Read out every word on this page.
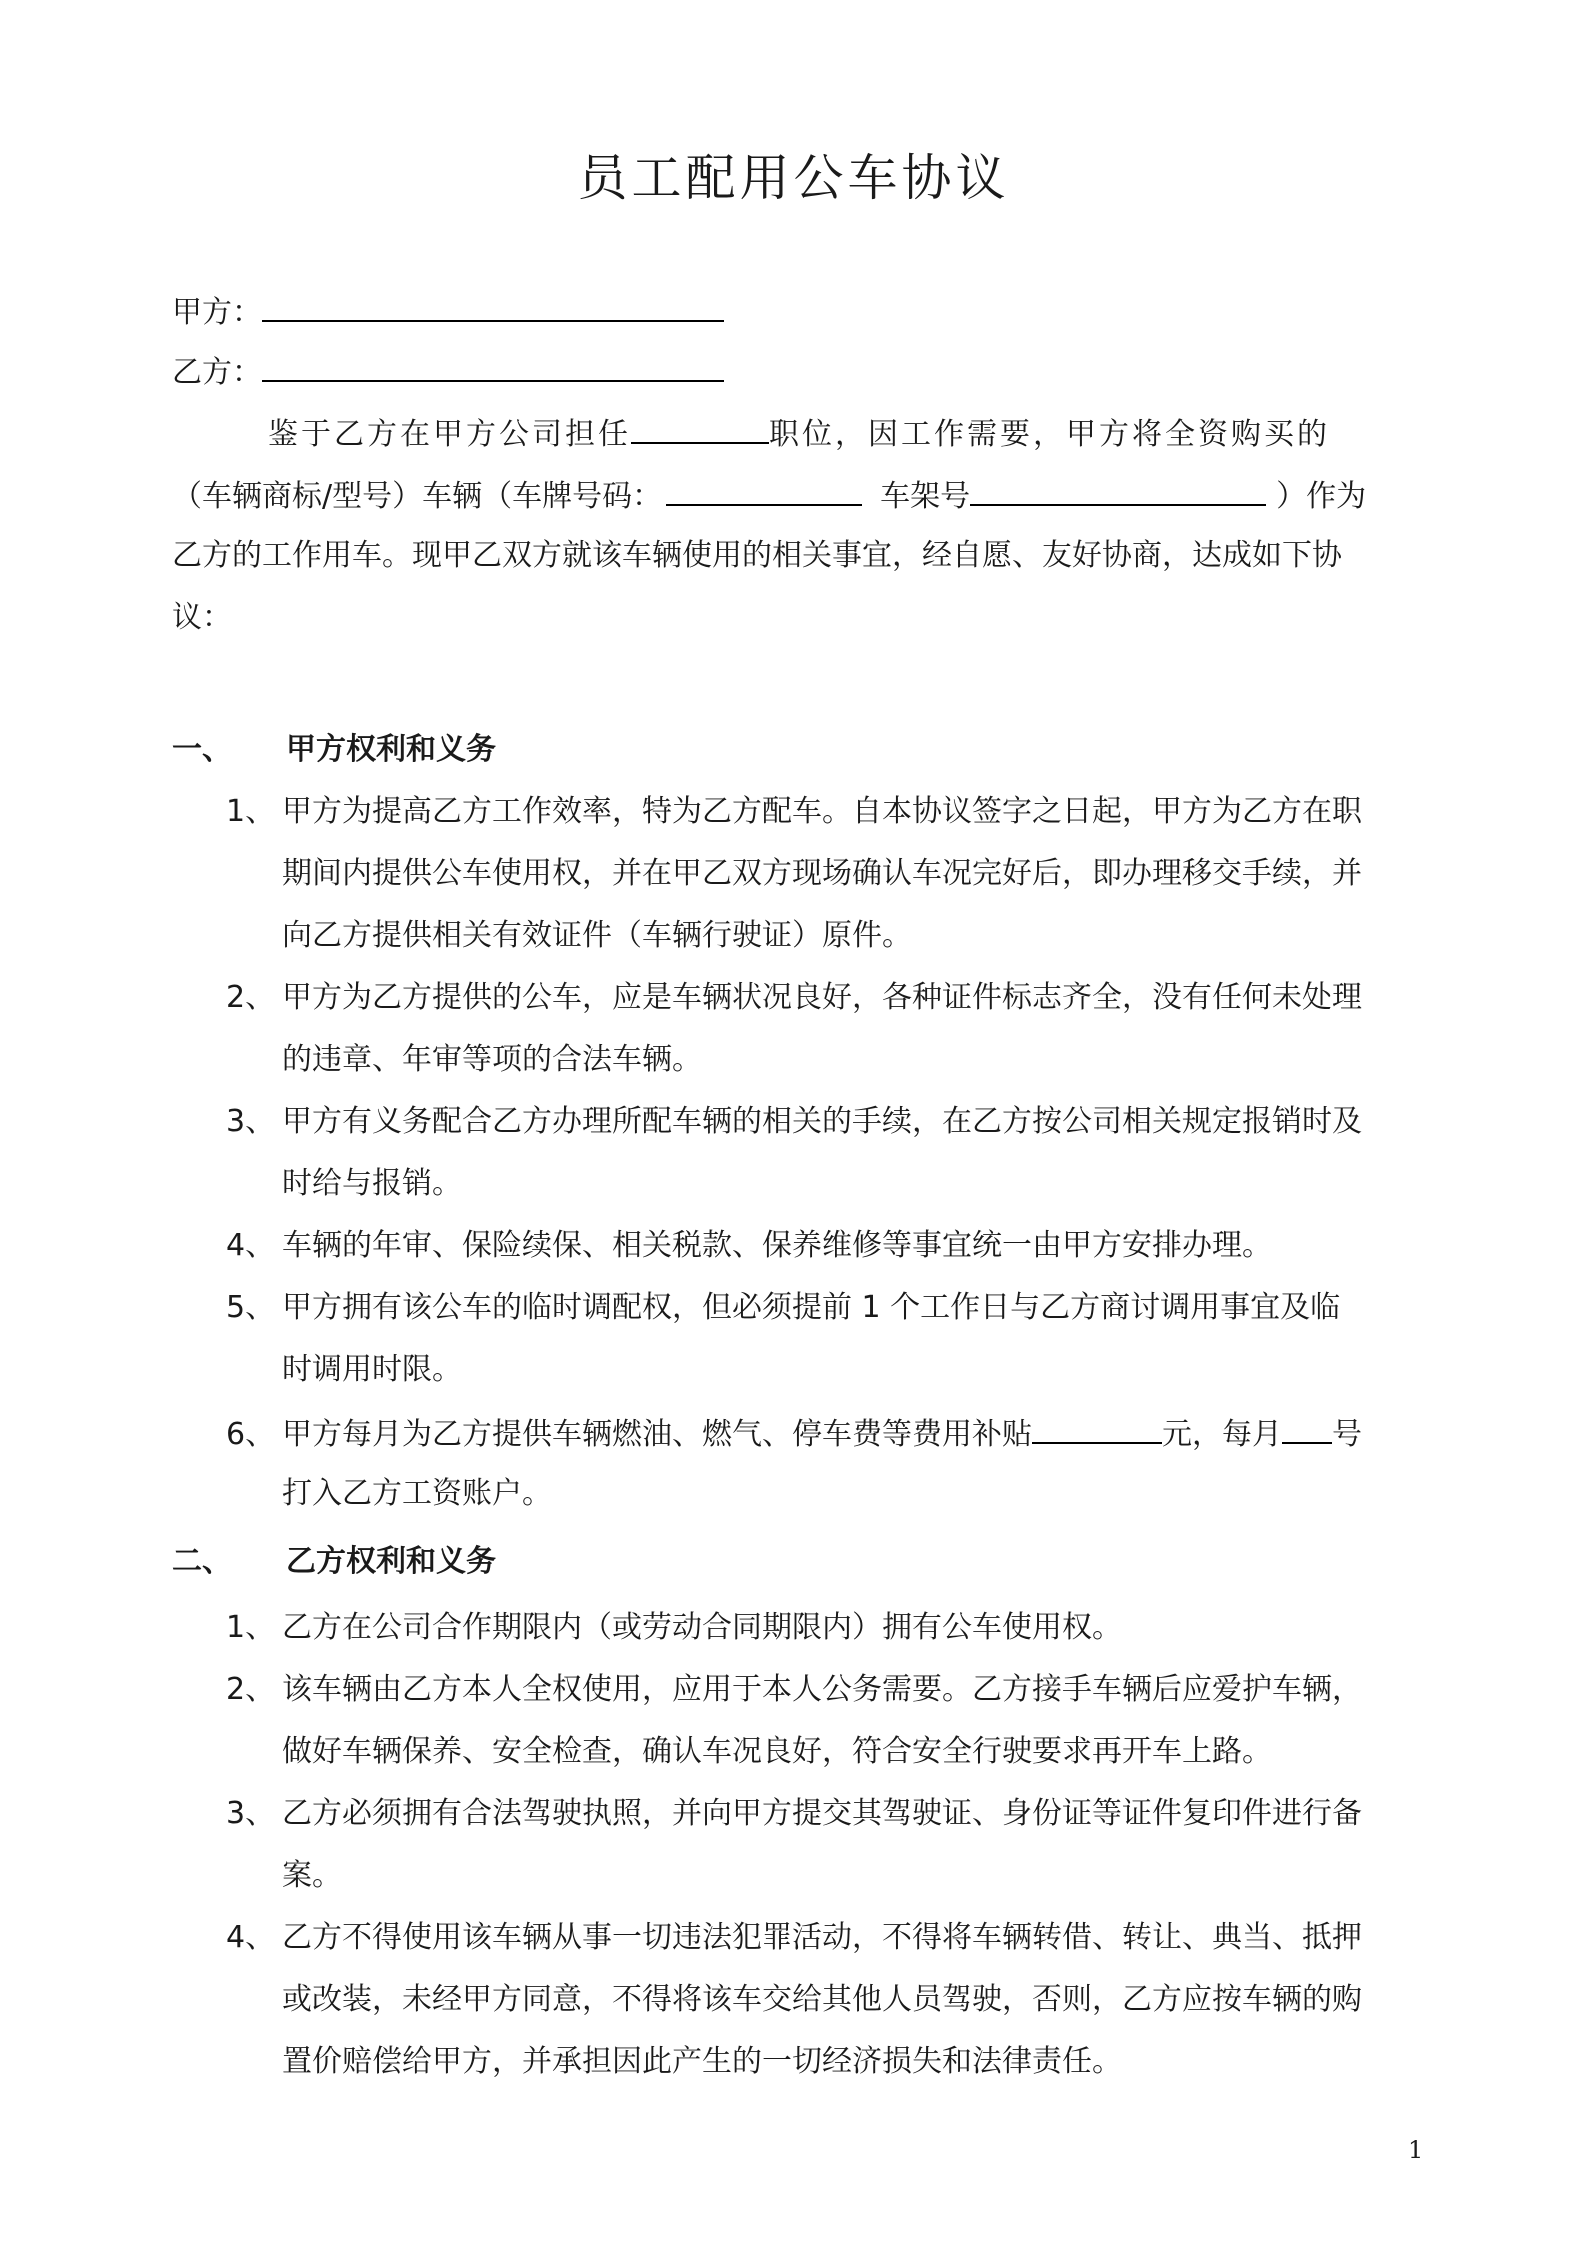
员工配用公车协议
甲方：
乙方：
鉴于乙方在甲方公司担任	职位，因工作需要，甲方将全资购买的
（车辆商标/型号）车辆（车牌号码：	车架号	）作为
乙方的工作用车。现甲乙双方就该车辆使用的相关事宜，经自愿、友好协商，达成如下协
议：
一、 甲方权利和义务
1、 甲方为提高乙方工作效率，特为乙方配车。自本协议签字之日起，甲方为乙方在职
期间内提供公车使用权，并在甲乙双方现场确认车况完好后，即办理移交手续，并
向乙方提供相关有效证件（车辆行驶证）原件。
2、 甲方为乙方提供的公车，应是车辆状况良好，各种证件标志齐全，没有任何未处理
的违章、年审等项的合法车辆。
3、 甲方有义务配合乙方办理所配车辆的相关的手续，在乙方按公司相关规定报销时及
时给与报销。
4、 车辆的年审、保险续保、相关税款、保养维修等事宜统一由甲方安排办理。
5、 甲方拥有该公车的临时调配权，但必须提前 1 个工作日与乙方商讨调用事宜及临
时调用时限。
6、 甲方每月为乙方提供车辆燃油、燃气、停车费等费用补贴	元，每月 号
打入乙方工资账户。
二、 乙方权利和义务
1、 乙方在公司合作期限内（或劳动合同期限内）拥有公车使用权。
2、 该车辆由乙方本人全权使用，应用于本人公务需要。乙方接手车辆后应爱护车辆，
做好车辆保养、安全检查，确认车况良好，符合安全行驶要求再开车上路。
3、 乙方必须拥有合法驾驶执照，并向甲方提交其驾驶证、身份证等证件复印件进行备
案。
4、 乙方不得使用该车辆从事一切违法犯罪活动，不得将车辆转借、转让、典当、抵押
或改装，未经甲方同意，不得将该车交给其他人员驾驶，否则，乙方应按车辆的购
置价赔偿给甲方，并承担因此产生的一切经济损失和法律责任。
1
